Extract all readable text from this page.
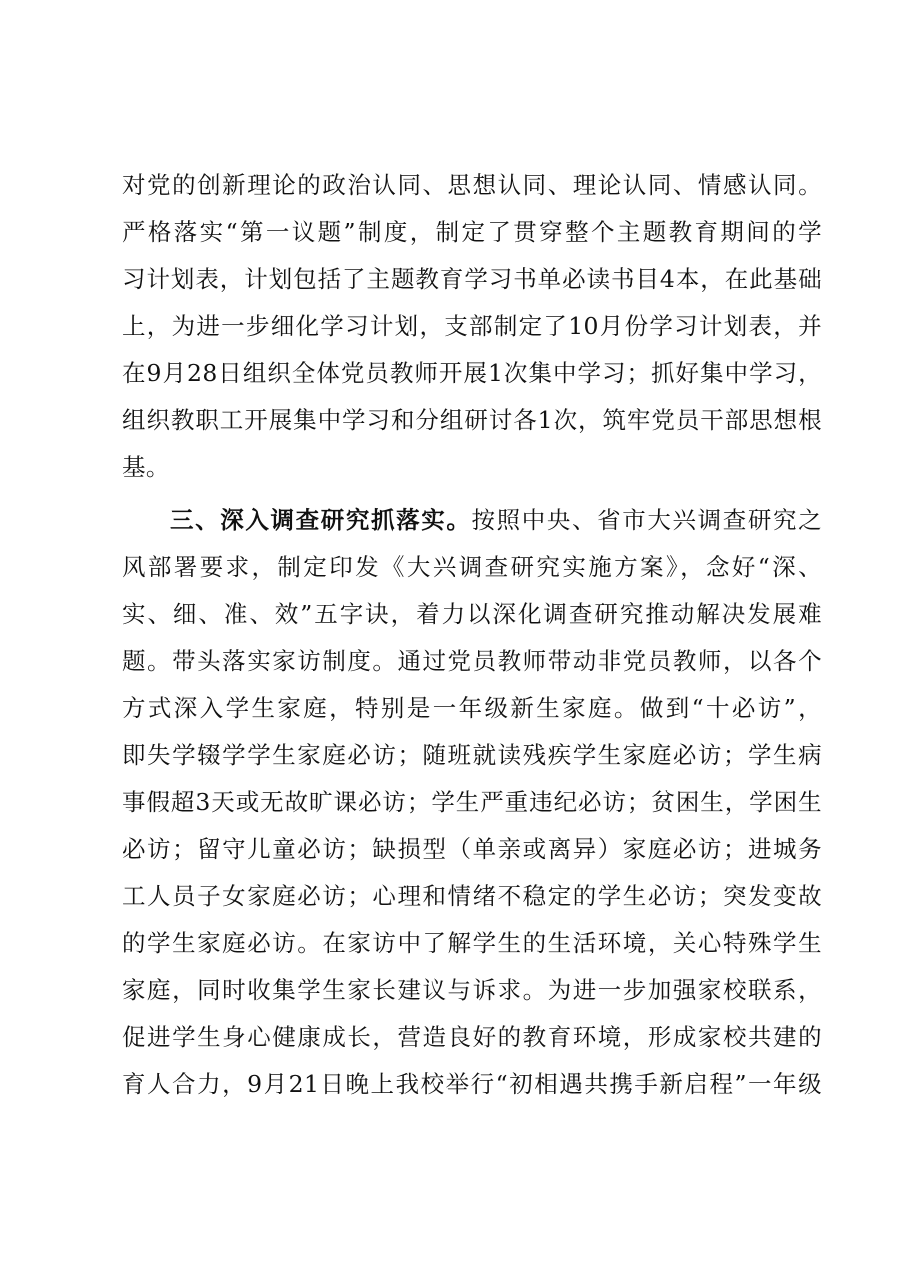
对党的创新理论的政治认同、思想认同、理论认同、情感认同。
严格落实“第一议题”制度，制定了贯穿整个主题教育期间的学
习计划表，计划包括了主题教育学习书单必读书目4本，在此基础
上，为进一步细化学习计划，支部制定了10月份学习计划表，并
在9月28日组织全体党员教师开展1次集中学习；抓好集中学习，
组织教职工开展集中学习和分组研讨各1次，筑牢党员干部思想根
基。
三、深入调查研究抓落实。按照中央、省市大兴调查研究之
风部署要求，制定印发《大兴调查研究实施方案》，念好“深、
实、细、准、效”五字诀，着力以深化调查研究推动解决发展难
题。带头落实家访制度。通过党员教师带动非党员教师，以各个
方式深入学生家庭，特别是一年级新生家庭。做到“十必访”，
即失学辍学学生家庭必访；随班就读残疾学生家庭必访；学生病
事假超3天或无故旷课必访；学生严重违纪必访；贫困生，学困生
必访；留守儿童必访；缺损型（单亲或离异）家庭必访；进城务
工人员子女家庭必访；心理和情绪不稳定的学生必访；突发变故
的学生家庭必访。在家访中了解学生的生活环境，关心特殊学生
家庭，同时收集学生家长建议与诉求。为进一步加强家校联系，
促进学生身心健康成长，营造良好的教育环境，形成家校共建的
育人合力，9月21日晚上我校举行“初相遇共携手新启程”一年级
